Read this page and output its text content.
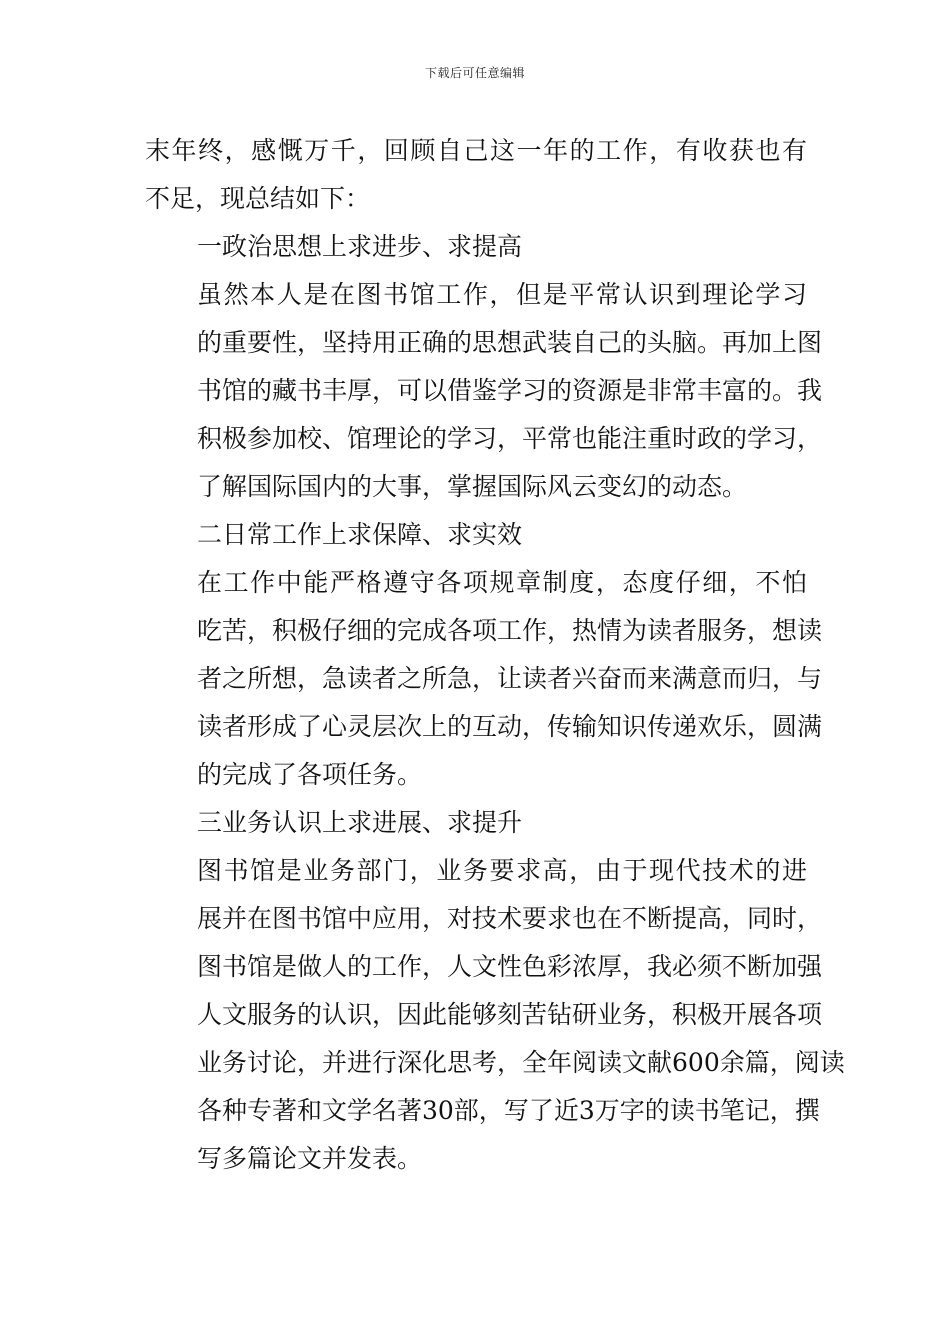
下载后可任意编辑

末年终，感慨万千，回顾自己这一年的工作，有收获也有
不足，现总结如下：

一政治思想上求进步、求提高

虽然本人是在图书馆工作，但是平常认识到理论学习
的重要性，坚持用正确的思想武装自己的头脑。再加上图
书馆的藏书丰厚，可以借鉴学习的资源是非常丰富的。我
积极参加校、馆理论的学习，平常也能注重时政的学习，
了解国际国内的大事，掌握国际风云变幻的动态。

二日常工作上求保障、求实效

在工作中能严格遵守各项规章制度，态度仔细，不怕
吃苦，积极仔细的完成各项工作，热情为读者服务，想读
者之所想，急读者之所急，让读者兴奋而来满意而归，与
读者形成了心灵层次上的互动，传输知识传递欢乐，圆满
的完成了各项任务。

三业务认识上求进展、求提升

图书馆是业务部门，业务要求高，由于现代技术的进
展并在图书馆中应用，对技术要求也在不断提高，同时，
图书馆是做人的工作，人文性色彩浓厚，我必须不断加强
人文服务的认识，因此能够刻苦钻研业务，积极开展各项
业务讨论，并进行深化思考，全年阅读文献600余篇，阅读
各种专著和文学名著30部，写了近3万字的读书笔记，撰
写多篇论文并发表。
